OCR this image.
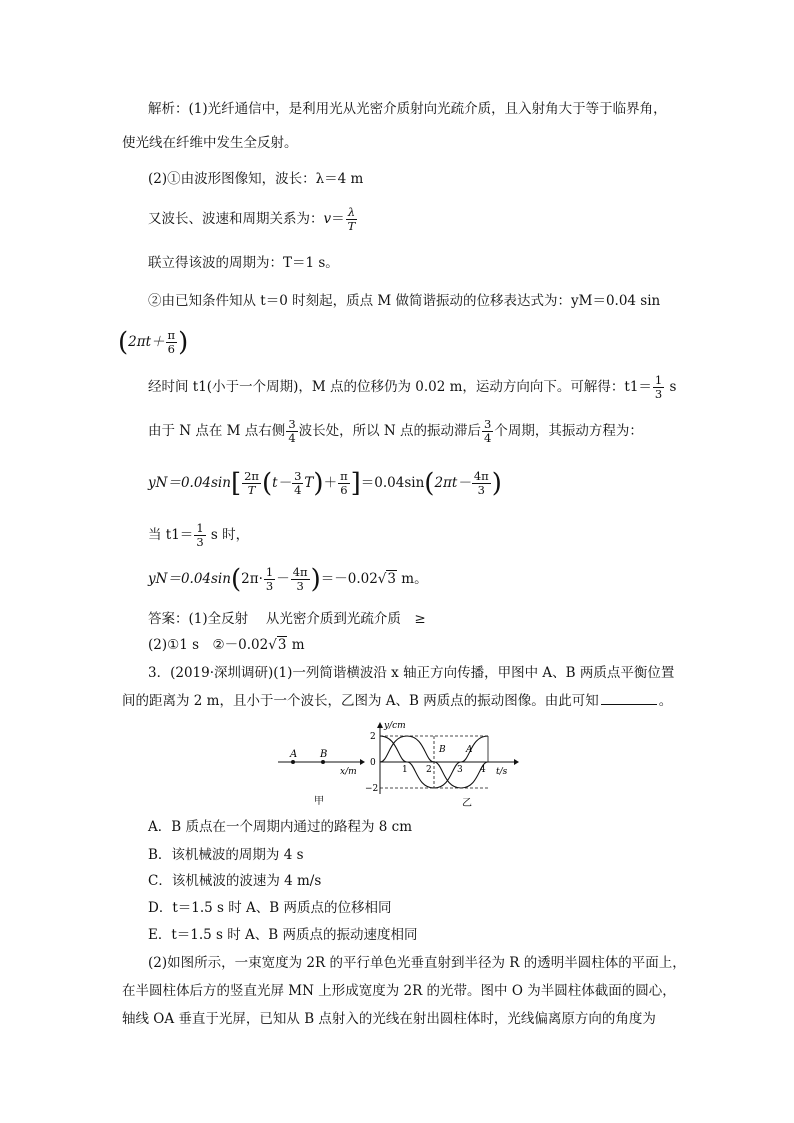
解析：(1)光纤通信中，是利用光从光密介质射向光疏介质，且入射角大于等于临界角，
使光线在纤维中发生全反射。
(2)①由波形图像知，波长：λ＝4 m
又波长、波速和周期关系为：$v= \frac{\lambda}{T}$
联立得该波的周期为：T＝1 s。
②由已知条件知从 t＝0 时刻起，质点 M 做简谐振动的位移表达式为：yM＝0.04 sin
($2\pi t+ \frac{\pi}{6}$ )
经时间 t1(小于一个周期)，M 点的位移仍为 0.02 m，运动方向向下。可解得：$t1= \frac{1}{3}$ s
由于 N 点在 M 点右侧 $\frac{3}{4}$ 波长处，所以 N 点的振动滞后 $\frac{3}{4}$ 个周期，其振动方程为：
$yN=0.04\sin[ \frac{2\pi}{T} (t- \frac{3}{4} T)+ \frac{\pi}{6} ]=0.04\sin(2\pi t- \frac{4\pi}{3}$ )
当 $t1= \frac{1}{3}$ s 时，
$yN=0.04\sin(2\pi\cdot \frac{1}{3} - \frac{4\pi}{3} )=-0.02√3$ m。
答案：(1)全反射　 从光密介质到光疏介质　≥
(2)①1 s　②－0.02√3 m
3．(2019·深圳调研)(1)一列简谐横波沿 x 轴正方向传播，甲图中 A、B 两质点平衡位置
间的距离为 2 m，且小于一个波长，乙图为 A、B 两质点的振动图像。由此可知	。
A B
x/m
甲
y/cm
t/s
2
0
−2
1 2	3 4
B A
乙
A．B 质点在一个周期内通过的路程为 8 cm
B．该机械波的周期为 4 s
C．该机械波的波速为 4 m/s
D．t＝1.5 s 时 A、B 两质点的位移相同
E．t＝1.5 s 时 A、B 两质点的振动速度相同
(2)如图所示，一束宽度为 2R 的平行单色光垂直射到半径为 R 的透明半圆柱体的平面上，
在半圆柱体后方的竖直光屏 MN 上形成宽度为 2R 的光带。图中 O 为半圆柱体截面的圆心，
轴线 OA 垂直于光屏，已知从 B 点射入的光线在射出圆柱体时，光线偏离原方向的角度为
